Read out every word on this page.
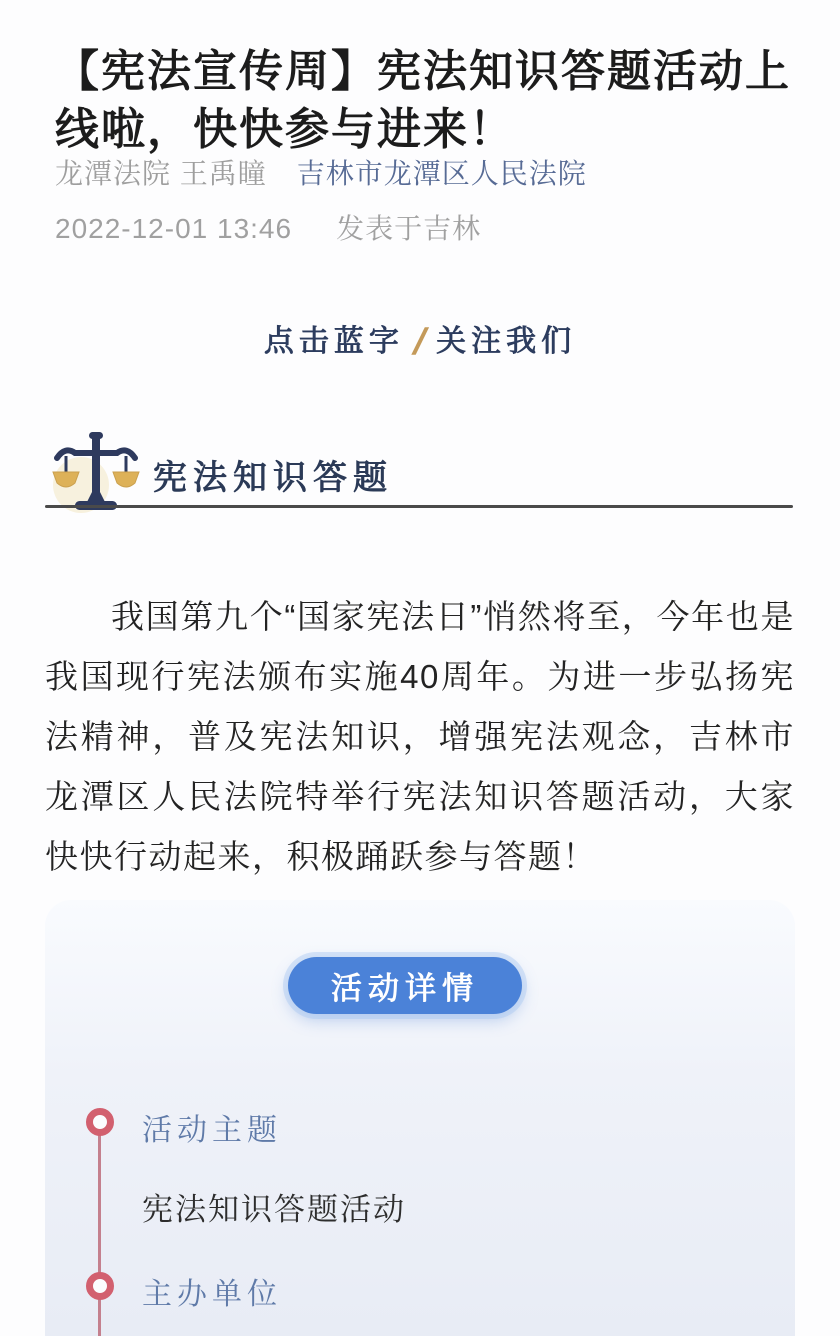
【宪法宣传周】宪法知识答题活动上线啦，快快参与进来！
龙潭法院 王禹瞳 吉林市龙潭区人民法院
2022-12-01 13:46 发表于吉林
点击蓝字 / 关注我们
宪法知识答题

我国第九个“国家宪法日”悄然将至，今年也是我国现行宪法颁布实施40周年。为进一步弘扬宪法精神，普及宪法知识，增强宪法观念，吉林市龙潭区人民法院特举行宪法知识答题活动，大家快快行动起来，积极踊跃参与答题！

活动详情
活动主题
宪法知识答题活动
主办单位
